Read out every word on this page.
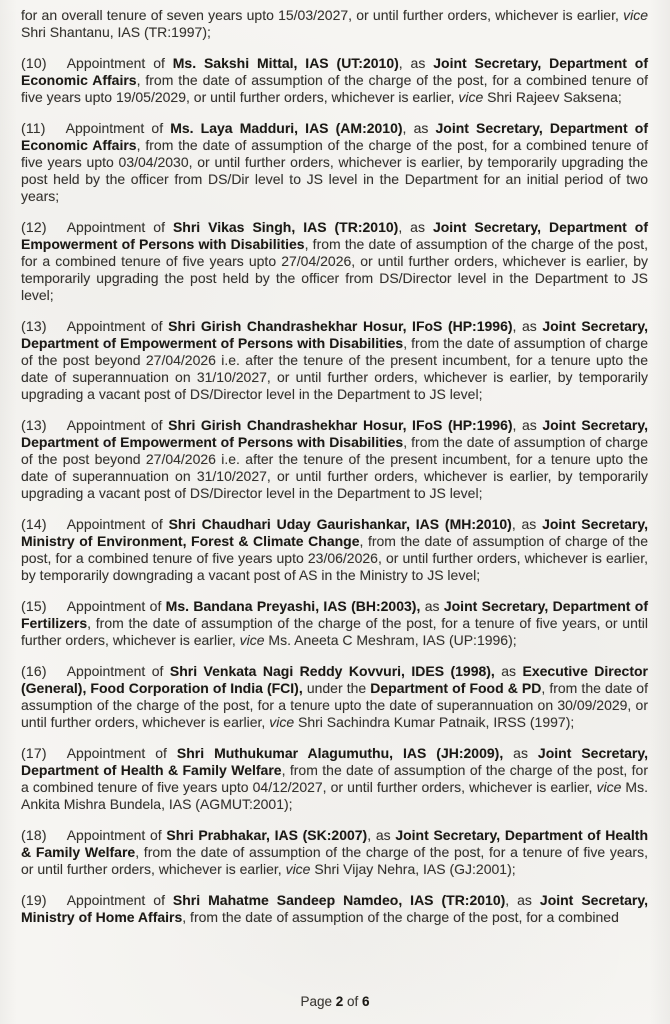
for an overall tenure of seven years upto 15/03/2027, or until further orders, whichever is earlier, vice Shri Shantanu, IAS (TR:1997);

(10) Appointment of Ms. Sakshi Mittal, IAS (UT:2010), as Joint Secretary, Department of Economic Affairs, from the date of assumption of the charge of the post, for a combined tenure of five years upto 19/05/2029, or until further orders, whichever is earlier, vice Shri Rajeev Saksena;

(11) Appointment of Ms. Laya Madduri, IAS (AM:2010), as Joint Secretary, Department of Economic Affairs, from the date of assumption of the charge of the post, for a combined tenure of five years upto 03/04/2030, or until further orders, whichever is earlier, by temporarily upgrading the post held by the officer from DS/Dir level to JS level in the Department for an initial period of two years;

(12) Appointment of Shri Vikas Singh, IAS (TR:2010), as Joint Secretary, Department of Empowerment of Persons with Disabilities, from the date of assumption of the charge of the post, for a combined tenure of five years upto 27/04/2026, or until further orders, whichever is earlier, by temporarily upgrading the post held by the officer from DS/Director level in the Department to JS level;

(13) Appointment of Shri Girish Chandrashekhar Hosur, IFoS (HP:1996), as Joint Secretary, Department of Empowerment of Persons with Disabilities, from the date of assumption of charge of the post beyond 27/04/2026 i.e. after the tenure of the present incumbent, for a tenure upto the date of superannuation on 31/10/2027, or until further orders, whichever is earlier, by temporarily upgrading a vacant post of DS/Director level in the Department to JS level;

(13) Appointment of Shri Girish Chandrashekhar Hosur, IFoS (HP:1996), as Joint Secretary, Department of Empowerment of Persons with Disabilities, from the date of assumption of charge of the post beyond 27/04/2026 i.e. after the tenure of the present incumbent, for a tenure upto the date of superannuation on 31/10/2027, or until further orders, whichever is earlier, by temporarily upgrading a vacant post of DS/Director level in the Department to JS level;

(14) Appointment of Shri Chaudhari Uday Gaurishankar, IAS (MH:2010), as Joint Secretary, Ministry of Environment, Forest & Climate Change, from the date of assumption of charge of the post, for a combined tenure of five years upto 23/06/2026, or until further orders, whichever is earlier, by temporarily downgrading a vacant post of AS in the Ministry to JS level;

(15) Appointment of Ms. Bandana Preyashi, IAS (BH:2003), as Joint Secretary, Department of Fertilizers, from the date of assumption of the charge of the post, for a tenure of five years, or until further orders, whichever is earlier, vice Ms. Aneeta C Meshram, IAS (UP:1996);

(16) Appointment of Shri Venkata Nagi Reddy Kovvuri, IDES (1998), as Executive Director (General), Food Corporation of India (FCI), under the Department of Food & PD, from the date of assumption of the charge of the post, for a tenure upto the date of superannuation on 30/09/2029, or until further orders, whichever is earlier, vice Shri Sachindra Kumar Patnaik, IRSS (1997);

(17) Appointment of Shri Muthukumar Alagumuthu, IAS (JH:2009), as Joint Secretary, Department of Health & Family Welfare, from the date of assumption of the charge of the post, for a combined tenure of five years upto 04/12/2027, or until further orders, whichever is earlier, vice Ms. Ankita Mishra Bundela, IAS (AGMUT:2001);

(18) Appointment of Shri Prabhakar, IAS (SK:2007), as Joint Secretary, Department of Health & Family Welfare, from the date of assumption of the charge of the post, for a tenure of five years, or until further orders, whichever is earlier, vice Shri Vijay Nehra, IAS (GJ:2001);

(19) Appointment of Shri Mahatme Sandeep Namdeo, IAS (TR:2010), as Joint Secretary, Ministry of Home Affairs, from the date of assumption of the charge of the post, for a combined

Page 2 of 6
